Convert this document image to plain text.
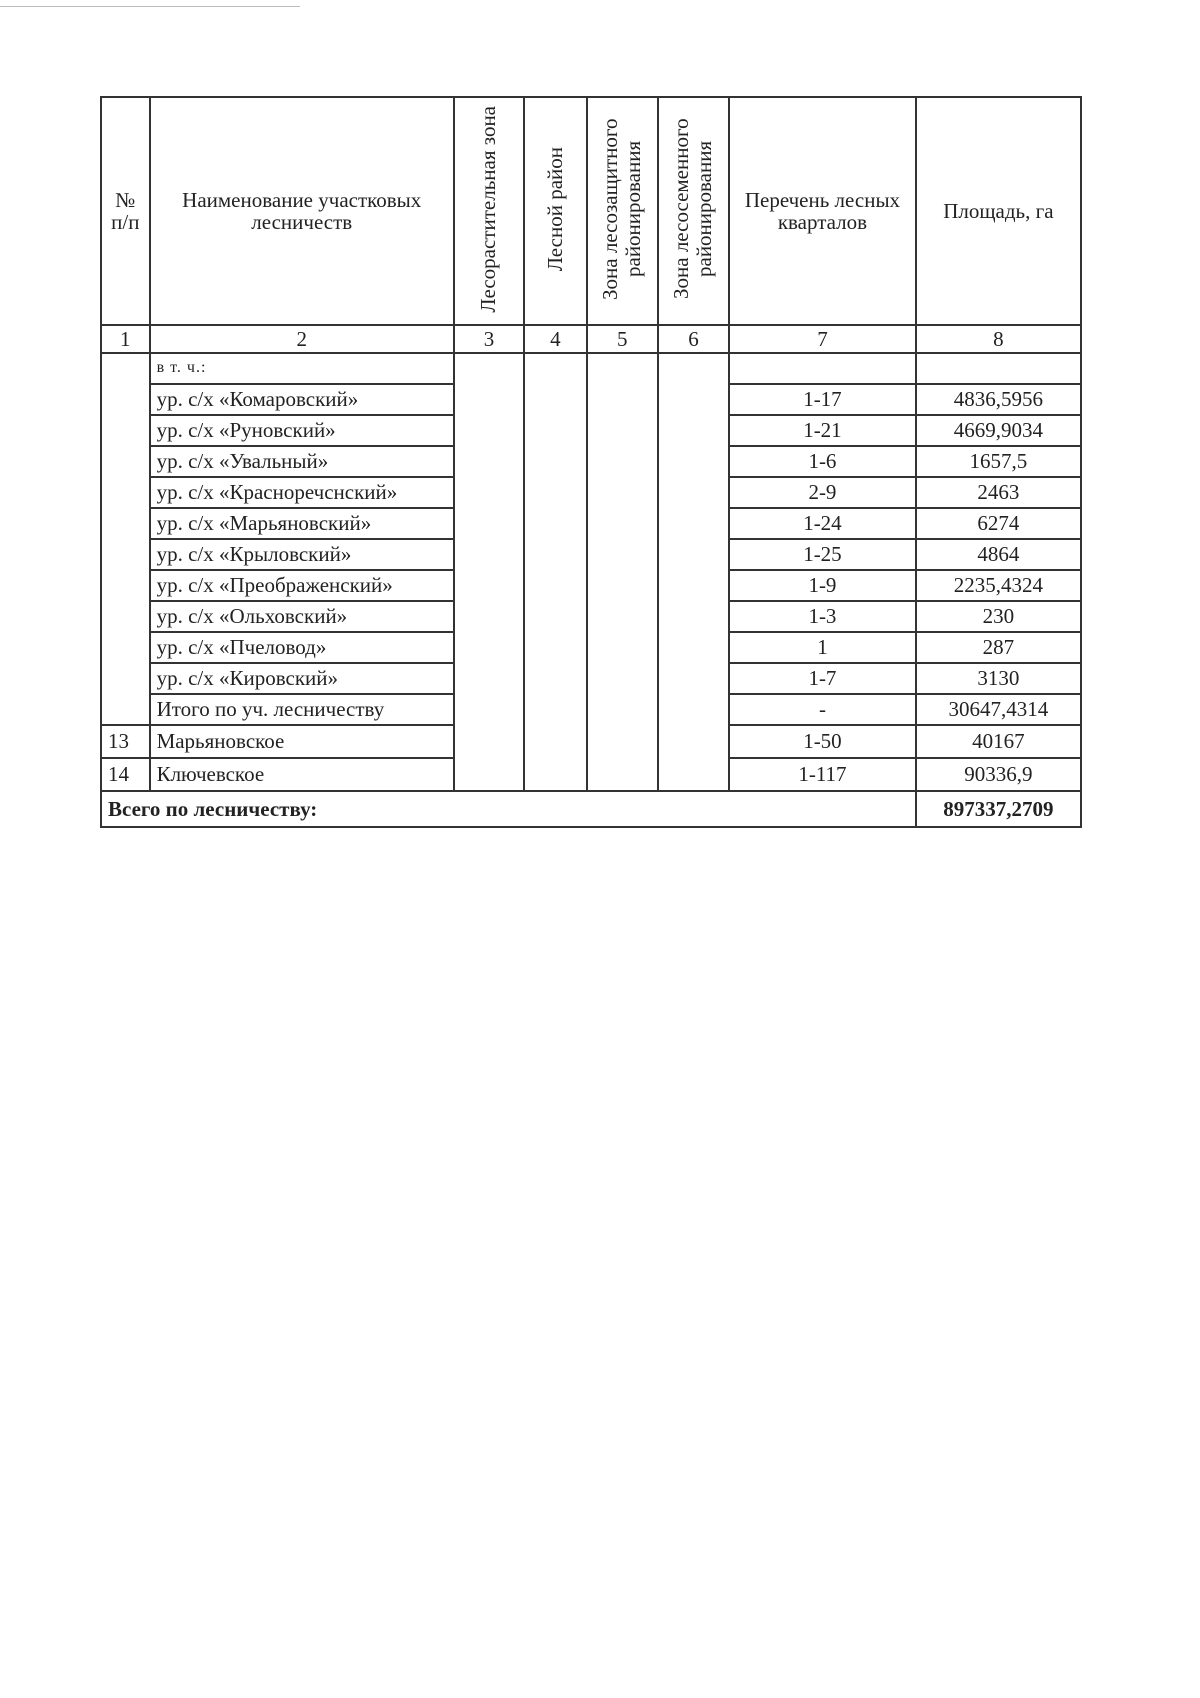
№ п/п	Наименование участковых лесничеств	Лесорастительная зона	Лесной район	Зона лесозащитного районирования	Зона лесосеменного районирования	Перечень лесных кварталов	Площадь, га
1	2	3	4	5	6	7	8
	в т. ч.:						
	ур. с/х «Комаровский»					1-17	4836,5956
	ур. с/х «Руновский»					1-21	4669,9034
	ур. с/х «Увальный»					1-6	1657,5
	ур. с/х «Красноречснский»					2-9	2463
	ур. с/х «Марьяновский»					1-24	6274
	ур. с/х «Крыловский»					1-25	4864
	ур. с/х «Преображенский»					1-9	2235,4324
	ур. с/х «Ольховский»					1-3	230
	ур. с/х «Пчеловод»					1	287
	ур. с/х «Кировский»					1-7	3130
	Итого по уч. лесничеству					-	30647,4314
13	Марьяновское					1-50	40167
14	Ключевское					1-117	90336,9
Всего по лесничеству:							897337,2709
